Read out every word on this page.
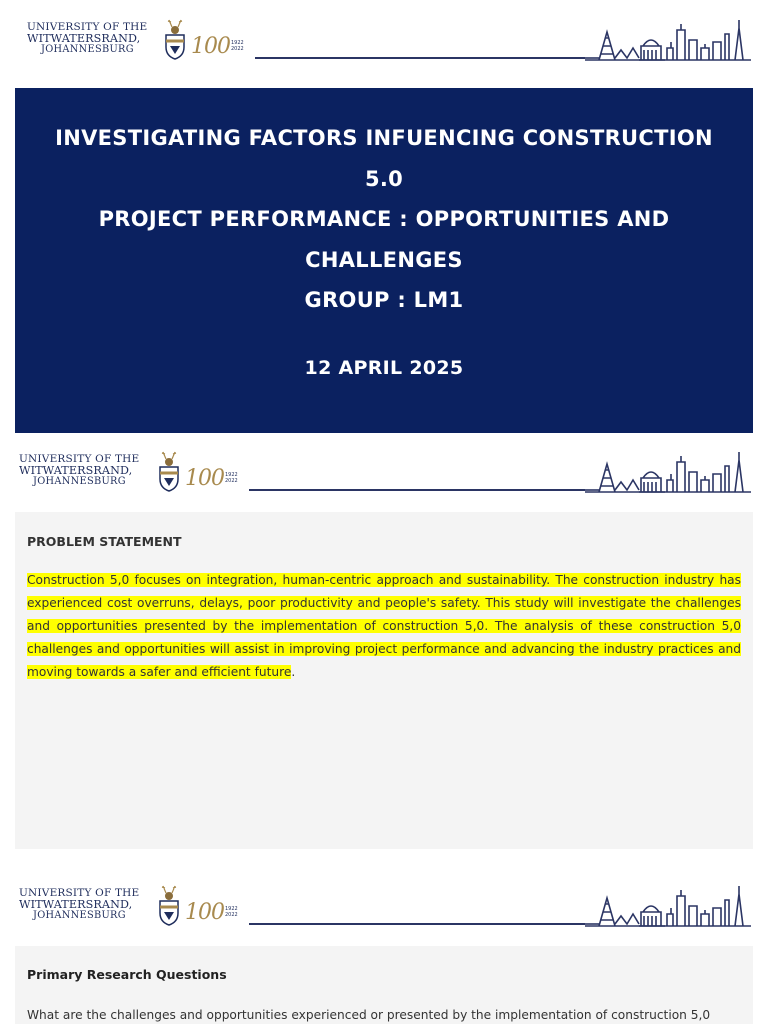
UNIVERSITY OF THE
WITWATERSRAND,
JOHANNESBURG	100 1922
2022
INVESTIGATING FACTORS INFUENCING CONSTRUCTION
5.0
PROJECT PERFORMANCE : OPPORTUNITIES AND
CHALLENGES
GROUP : LM1
12 APRIL 2025
UNIVERSITY OF THE
WITWATERSRAND,
JOHANNESBURG	100 1922
2022

PROBLEM STATEMENT

Construction 5,0 focuses on integration, human-centric approach and sustainability. The construction industry has experienced cost overruns, delays, poor productivity and people's safety. This study will investigate the challenges and opportunities presented by the implementation of construction 5,0. The analysis of these construction 5,0 challenges and opportunities will assist in improving project performance and advancing the industry practices and moving towards a safer and efficient future.

UNIVERSITY OF THE
WITWATERSRAND,
JOHANNESBURG	100 1922
2022

Primary Research Questions

What are the challenges and opportunities experienced or presented by the implementation of construction 5,0
